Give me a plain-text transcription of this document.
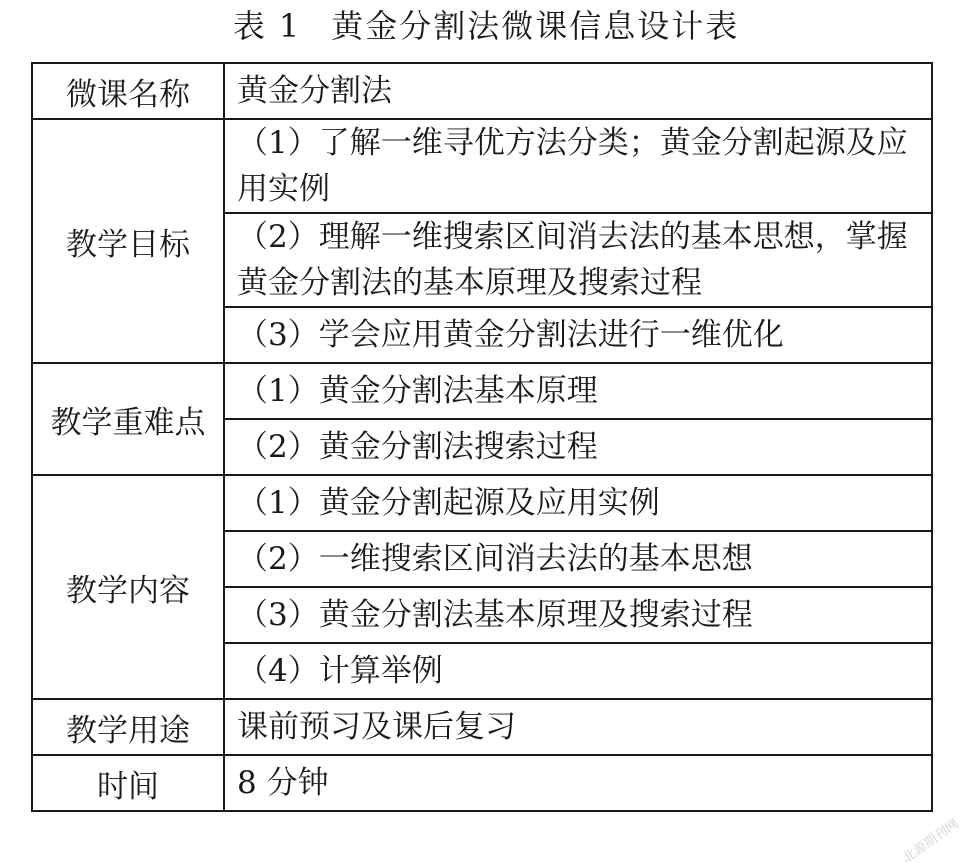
表 1 黄金分割法微课信息设计表
微课名称	黄金分割法
教学目标	（1）了解一维寻优方法分类；黄金分割起源及应用实例
	（2）理解一维搜索区间消去法的基本思想，掌握黄金分割法的基本原理及搜索过程
	（3）学会应用黄金分割法进行一维优化
教学重难点	（1）黄金分割法基本原理
	（2）黄金分割法搜索过程
教学内容	（1）黄金分割起源及应用实例
	（2）一维搜索区间消去法的基本思想
	（3）黄金分割法基本原理及搜索过程
	（4）计算举例
教学用途	课前预习及课后复习
时间	8 分钟
北源期刊网
